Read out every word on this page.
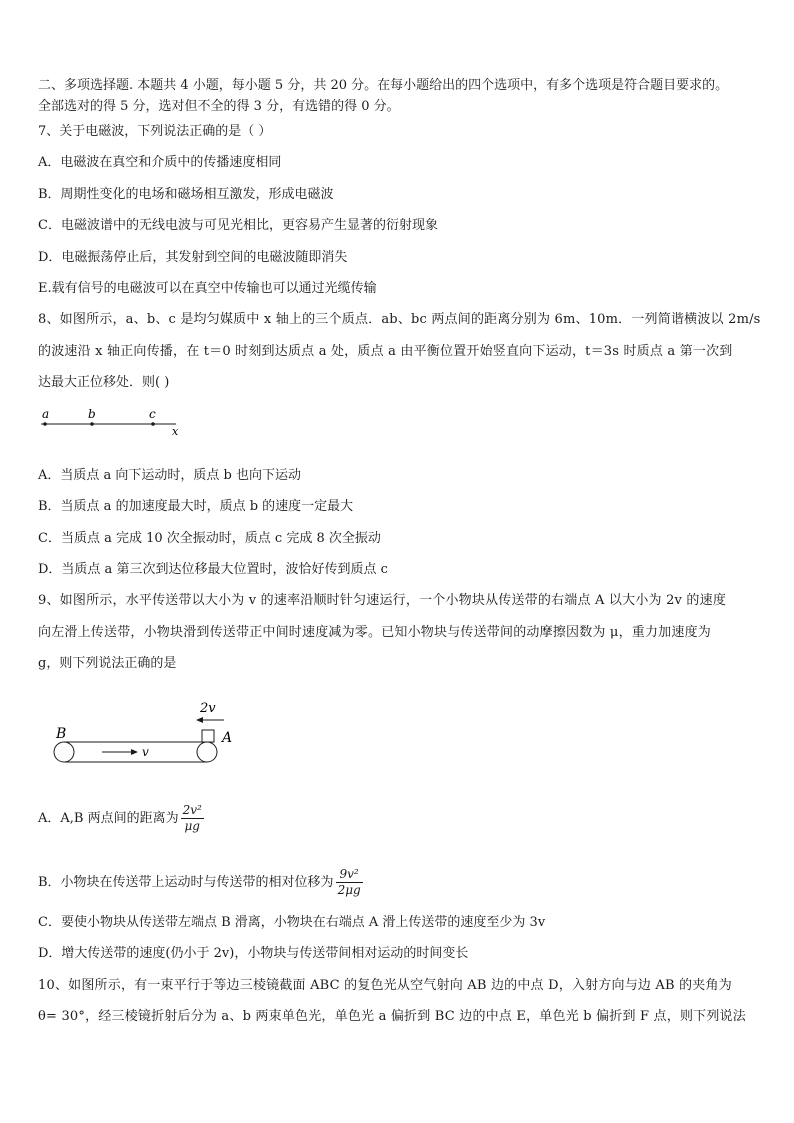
二、多项选择题. 本题共 4 小题，每小题 5 分，共 20 分。在每小题给出的四个选项中，有多个选项是符合题目要求的。
全部选对的得 5 分，选对但不全的得 3 分，有选错的得 0 分。
7、关于电磁波，下列说法正确的是（ ）
A．电磁波在真空和介质中的传播速度相同
B．周期性变化的电场和磁场相互激发，形成电磁波
C．电磁波谱中的无线电波与可见光相比，更容易产生显著的衍射现象
D．电磁振荡停止后，其发射到空间的电磁波随即消失
E.载有信号的电磁波可以在真空中传输也可以通过光缆传输
8、如图所示，a、b、c 是均匀媒质中 x 轴上的三个质点．ab、bc 两点间的距离分别为 6m、10m．一列简谐横波以 2m/s
的波速沿 x 轴正向传播，在 t＝0 时刻到达质点 a 处，质点 a 由平衡位置开始竖直向下运动，t＝3s 时质点 a 第一次到
达最大正位移处．则( )
a	b	c
x
A．当质点 a 向下运动时，质点 b 也向下运动
B．当质点 a 的加速度最大时，质点 b 的速度一定最大
C．当质点 a 完成 10 次全振动时，质点 c 完成 8 次全振动
D．当质点 a 第三次到达位移最大位置时，波恰好传到质点 c
9、如图所示，水平传送带以大小为 v 的速率沿顺时针匀速运行，一个小物块从传送带的右端点 A 以大小为 2v 的速度
向左滑上传送带，小物块滑到传送带正中间时速度减为零。已知小物块与传送带间的动摩擦因数为 μ，重力加速度为
g，则下列说法正确的是
2v
B	A
v
A．A,B 两点间的距离为 $\frac{\text{2v²}}{\mu g}$
B．小物块在传送带上运动时与传送带的相对位移为 $\frac{\text{9v²}}{2\mu g}$
C．要使小物块从传送带左端点 B 滑离，小物块在右端点 A 滑上传送带的速度至少为 3v
D．增大传送带的速度(仍小于 2v)，小物块与传送带间相对运动的时间变长
10、如图所示，有一束平行于等边三棱镜截面 ABC 的复色光从空气射向 AB 边的中点 D，入射方向与边 AB 的夹角为
θ= 30°，经三棱镜折射后分为 a、b 两束单色光，单色光 a 偏折到 BC 边的中点 E，单色光 b 偏折到 F 点，则下列说法
